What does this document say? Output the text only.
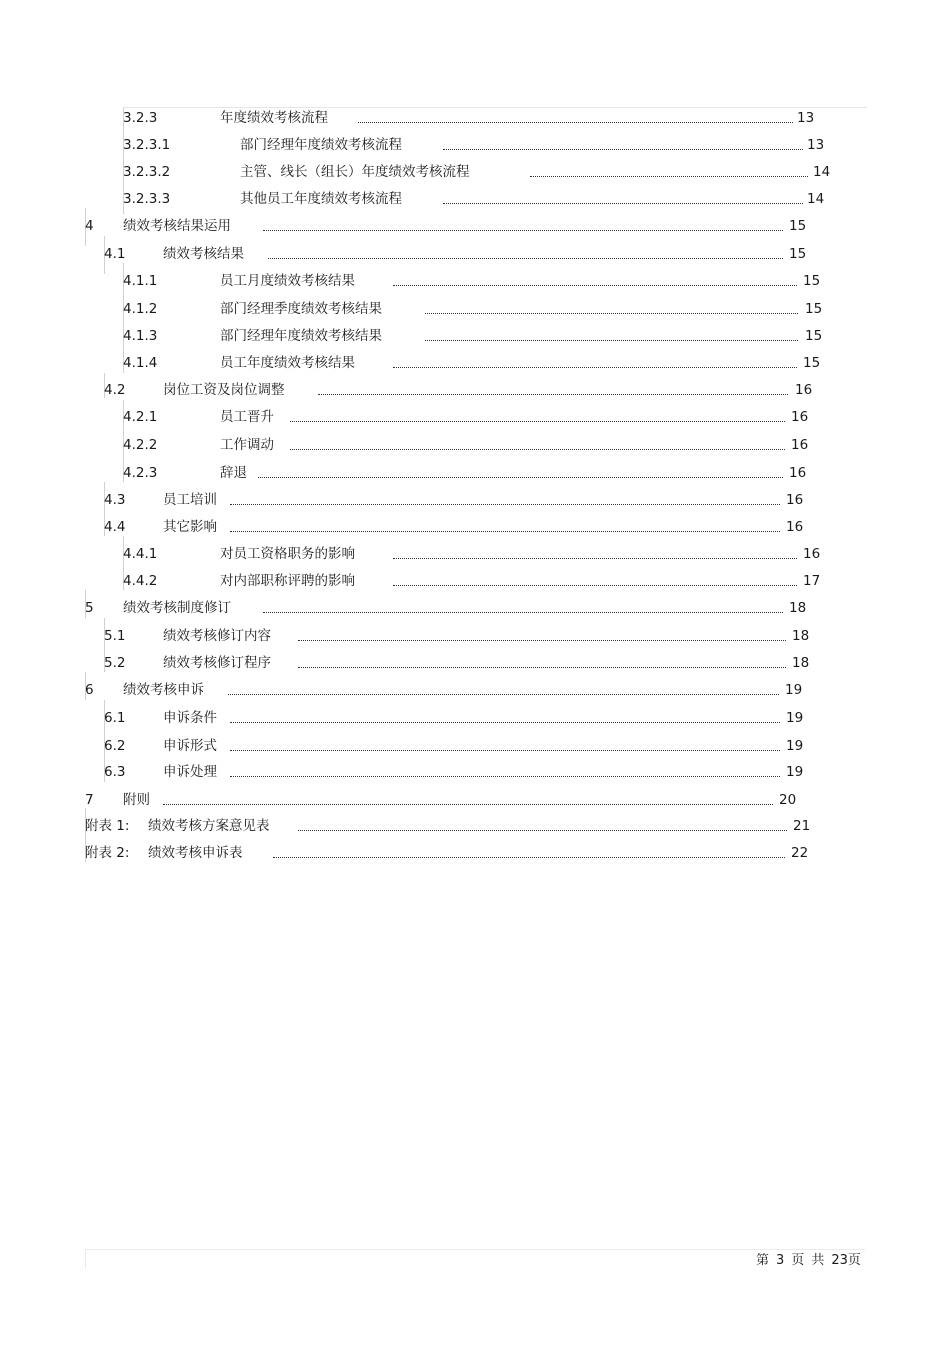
3.2.3	年度绩效考核流程	13
3.2.3.1	部门经理年度绩效考核流程	13
3.2.3.2	主管、线长（组长）年度绩效考核流程	14
3.2.3.3	其他员工年度绩效考核流程	14
4 绩效考核结果运用	15
4.1	绩效考核结果	15
4.1.1	员工月度绩效考核结果	15
4.1.2	部门经理季度绩效考核结果	15
4.1.3	部门经理年度绩效考核结果	15
4.1.4	员工年度绩效考核结果	15
4.2	岗位工资及岗位调整	16
4.2.1	员工晋升	16
4.2.2	工作调动	16
4.2.3	辞退	16
4.3	员工培训	16
4.4	其它影响	16
4.4.1	对员工资格职务的影响	16
4.4.2	对内部职称评聘的影响	17
5 绩效考核制度修订	18
5.1	绩效考核修订内容	18
5.2	绩效考核修订程序	18
6 绩效考核申诉	19
6.1	申诉条件	19
6.2	申诉形式	19
6.3	申诉处理	19
7 附则	20
附表 1: 绩效考核方案意见表	21
附表 2: 绩效考核申诉表	22
第 3 页 共 23页
